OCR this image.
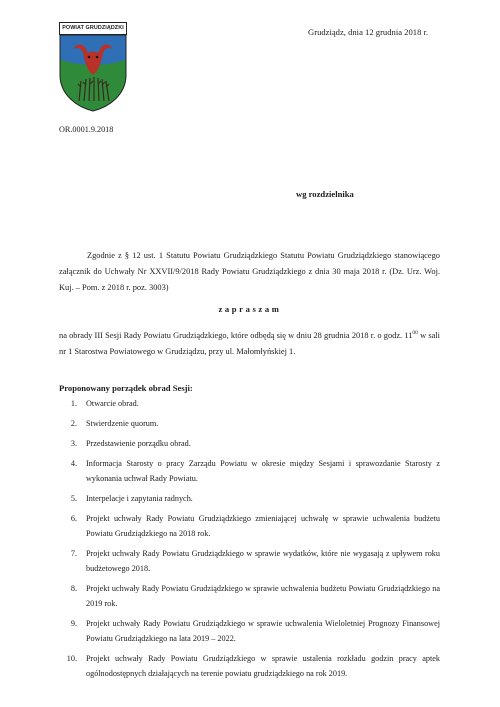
POWIAT GRUDZIĄDZKI	Grudziądz, dnia 12 grudnia 2018 r.
OR.0001.9.2018
wg rozdzielnika
Zgodnie z § 12 ust. 1 Statutu Powiatu Grudziądzkiego Statutu Powiatu Grudziądzkiego stanowiącego załącznik do Uchwały Nr XXVII/9/2018 Rady Powiatu Grudziądzkiego z dnia 30 maja 2018 r. (Dz. Urz. Woj. Kuj. – Pom. z 2018 r. poz. 3003)
zapraszam
na obrady III Sesji Rady Powiatu Grudziądzkiego, które odbędą się w dniu 28 grudnia 2018 r. o godz. $11^{00}$ w sali nr 1 Starostwa Powiatowego w Grudziądzu, przy ul. Małomłyńskiej 1.
Proponowany porządek obrad Sesji:
1. Otwarcie obrad.
2. Stwierdzenie quorum.
3. Przedstawienie porządku obrad.
4. Informacja Starosty o pracy Zarządu Powiatu w okresie między Sesjami i sprawozdanie Starosty z wykonania uchwał Rady Powiatu.
5. Interpelacje i zapytania radnych.
6. Projekt uchwały Rady Powiatu Grudziądzkiego zmieniającej uchwałę w sprawie uchwalenia budżetu Powiatu Grudziądzkiego na 2018 rok.
7. Projekt uchwały Rady Powiatu Grudziądzkiego w sprawie wydatków, które nie wygasają z upływem roku budżetowego 2018.
8. Projekt uchwały Rady Powiatu Grudziądzkiego w sprawie uchwalenia budżetu Powiatu Grudziądzkiego na 2019 rok.
9. Projekt uchwały Rady Powiatu Grudziądzkiego w sprawie uchwalenia Wieloletniej Prognozy Finansowej Powiatu Grudziądzkiego na lata 2019 – 2022.
10. Projekt uchwały Rady Powiatu Grudziądzkiego w sprawie ustalenia rozkładu godzin pracy aptek ogólnodostępnych działających na terenie powiatu grudziądzkiego na rok 2019.
